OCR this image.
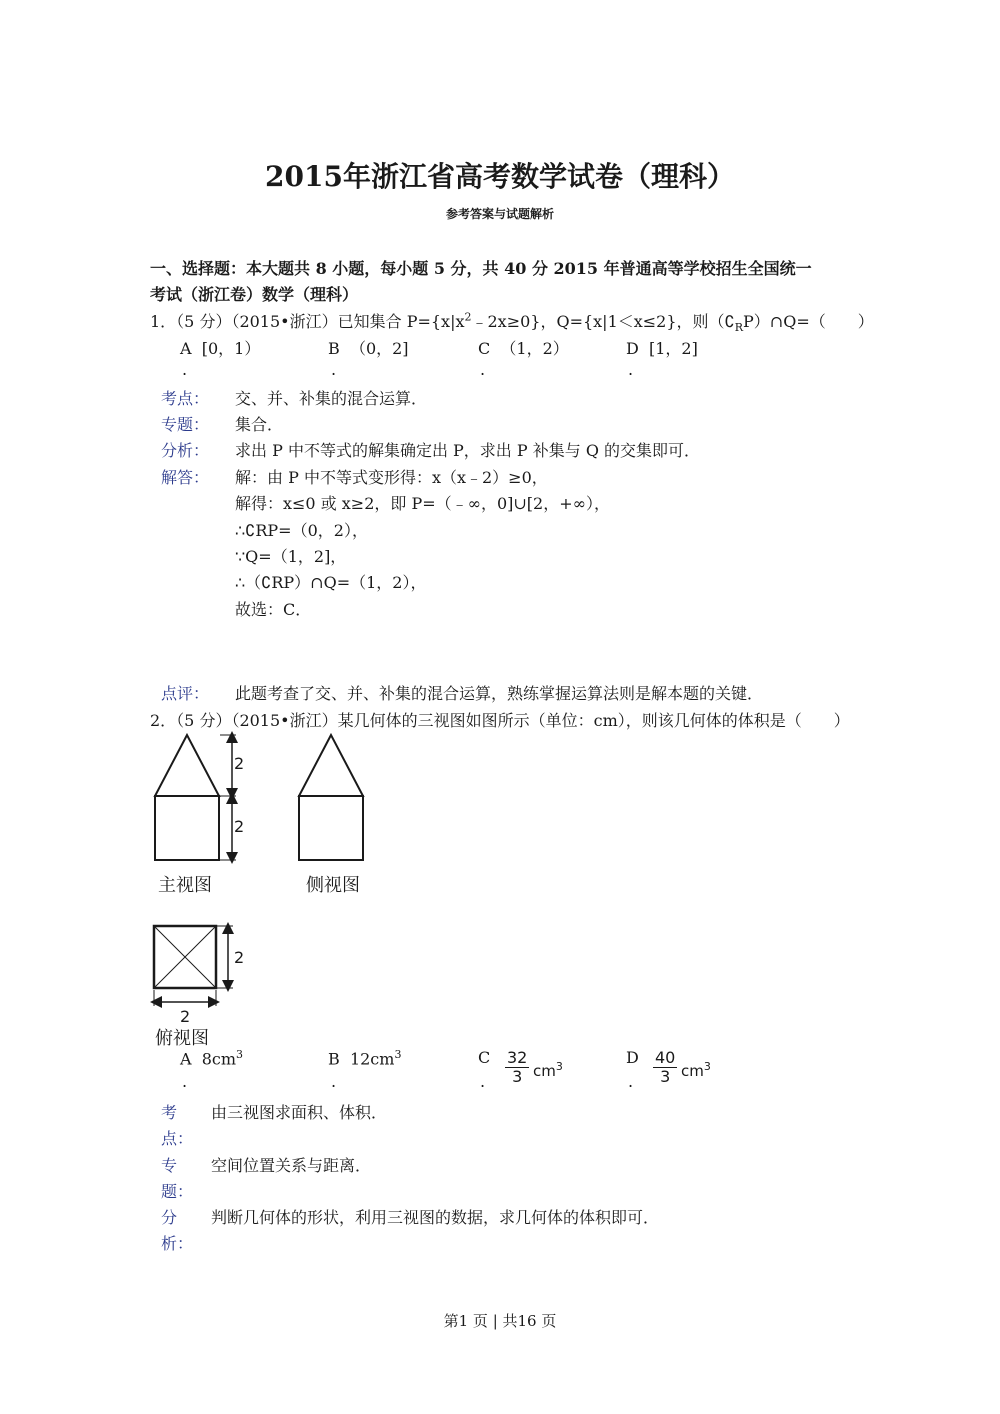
2015年浙江省高考数学试卷（理科）
参考答案与试题解析
一、选择题：本大题共 8 小题，每小题 5 分，共 40 分 2015 年普通高等学校招生全国统一
考试（浙江卷）数学（理科）
1．（5 分）（2015•浙江）已知集合 $P=\{x|x^2﹣2x\ge 0\}$，Q={x|1＜x≤2}，则$(∁_RP)\cap Q=$（　　）
A [0，1）	B （0，2]	C （1，2）	D [1，2]
.	.	.	.
考点： 交、并、补集的混合运算．
专题： 集合．
分析： 求出 P 中不等式的解集确定出 P，求出 P 补集与 Q 的交集即可．
解答： 解：由 P 中不等式变形得：x（x﹣2）≥0，
解得：x≤0 或 x≥2，即 P=（﹣∞，0]∪[2，+∞），
∴∁RP=（0，2），
∵Q=（1，2]，
∴（∁RP）∩Q=（1，2），
故选：C．
点评： 此题考查了交、并、补集的混合运算，熟练掌握运算法则是解本题的关键．
2．（5 分）（2015•浙江）某几何体的三视图如图所示（单位：cm），则该几何体的体积是（　　）
2
2
2
2
主视图	侧视图
俯视图
A $8cm^3$	B $12cm^3$	C $\frac{32}{3} cm^3$	D $\frac{40}{3} cm^3$
.	.	.	.
考
点：
由三视图求面积、体积．
专
题：
空间位置关系与距离．
分
析：
判断几何体的形状，利用三视图的数据，求几何体的体积即可．
第1 页 | 共16 页
